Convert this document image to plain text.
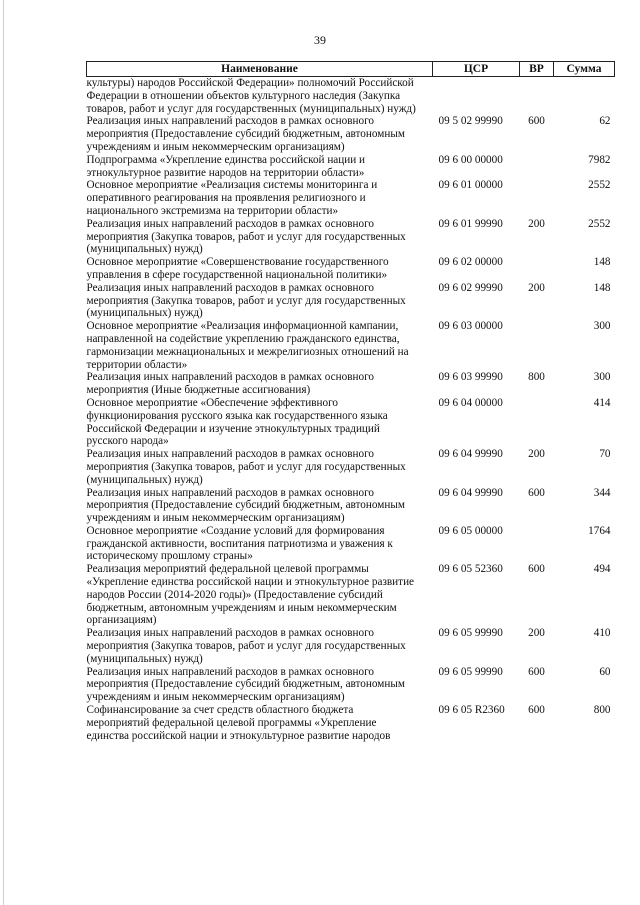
39
Наименование	ЦСР	ВР	Сумма
культуры) народов Российской Федерации» полномочий Российской Федерации в отношении объектов культурного наследия (Закупка товаров, работ и услуг для государственных (муниципальных) нужд)			
Реализация иных направлений расходов в рамках основного мероприятия (Предоставление субсидий бюджетным, автономным учреждениям и иным некоммерческим организациям)	09 5 02 99990	600	62
Подпрограмма «Укрепление единства российской нации и этнокультурное развитие народов на территории области»	09 6 00 00000		7982
Основное мероприятие «Реализация системы мониторинга и оперативного реагирования на проявления религиозного и национального экстремизма на территории области»	09 6 01 00000		2552
Реализация иных направлений расходов в рамках основного мероприятия (Закупка товаров, работ и услуг для государственных (муниципальных) нужд)	09 6 01 99990	200	2552
Основное мероприятие «Совершенствование государственного управления в сфере государственной национальной политики»	09 6 02 00000		148
Реализация иных направлений расходов в рамках основного мероприятия (Закупка товаров, работ и услуг для государственных (муниципальных) нужд)	09 6 02 99990	200	148
Основное мероприятие «Реализация информационной кампании, направленной на содействие укреплению гражданского единства, гармонизации межнациональных и межрелигиозных отношений на территории области»	09 6 03 00000		300
Реализация иных направлений расходов в рамках основного мероприятия (Иные бюджетные ассигнования)	09 6 03 99990	800	300
Основное мероприятие «Обеспечение эффективного функционирования русского языка как государственного языка Российской Федерации и изучение этнокультурных традиций русского народа»	09 6 04 00000		414
Реализация иных направлений расходов в рамках основного мероприятия (Закупка товаров, работ и услуг для государственных (муниципальных) нужд)	09 6 04 99990	200	70
Реализация иных направлений расходов в рамках основного мероприятия (Предоставление субсидий бюджетным, автономным учреждениям и иным некоммерческим организациям)	09 6 04 99990	600	344
Основное мероприятие «Создание условий для формирования гражданской активности, воспитания патриотизма и уважения к историческому прошлому страны»	09 6 05 00000		1764
Реализация мероприятий федеральной целевой программы «Укрепление единства российской нации и этнокультурное развитие народов России (2014-2020 годы)» (Предоставление субсидий бюджетным, автономным учреждениям и иным некоммерческим организациям)	09 6 05 52360	600	494
Реализация иных направлений расходов в рамках основного мероприятия (Закупка товаров, работ и услуг для государственных (муниципальных) нужд)	09 6 05 99990	200	410
Реализация иных направлений расходов в рамках основного мероприятия (Предоставление субсидий бюджетным, автономным учреждениям и иным некоммерческим организациям)	09 6 05 99990	600	60
Софинансирование за счет средств областного бюджета мероприятий федеральной целевой программы «Укрепление единства российской нации и этнокультурное развитие народов	09 6 05 R2360	600	800
